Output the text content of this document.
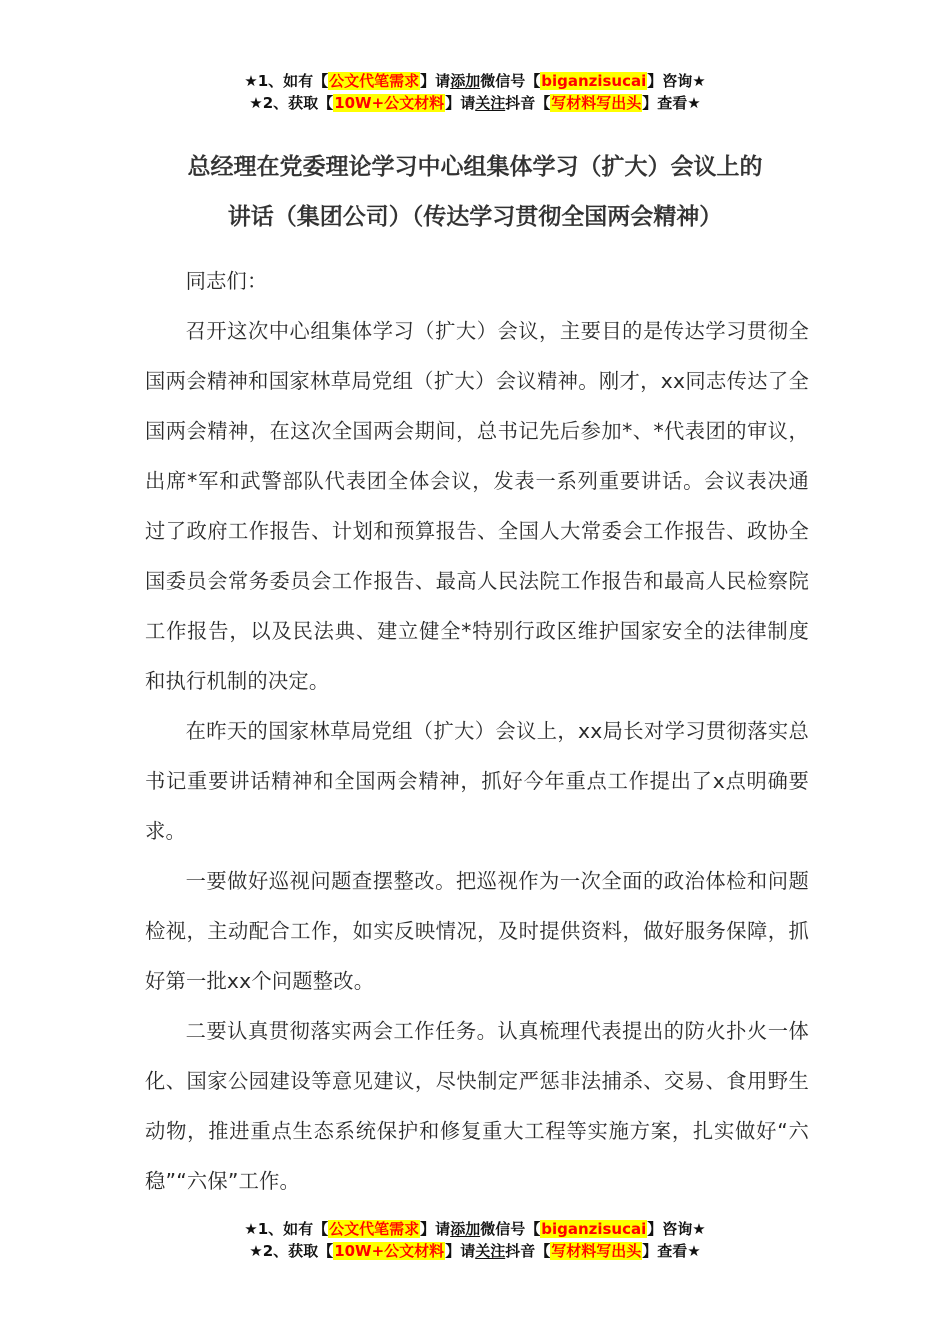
★1、如有【公文代笔需求】请添加微信号【biganzisucai】咨询★
★2、获取【10W+公文材料】请关注抖音【写材料写出头】查看★
总经理在党委理论学习中心组集体学习（扩大）会议上的
讲话（集团公司）（传达学习贯彻全国两会精神）

同志们：

召开这次中心组集体学习（扩大）会议，主要目的是传达学习贯彻全国两会精神和国家林草局党组（扩大）会议精神。刚才，xx同志传达了全国两会精神，在这次全国两会期间，总书记先后参加*、*代表团的审议，出席*军和武警部队代表团全体会议，发表一系列重要讲话。会议表决通过了政府工作报告、计划和预算报告、全国人大常委会工作报告、政协全国委员会常务委员会工作报告、最高人民法院工作报告和最高人民检察院工作报告，以及民法典、建立健全*特别行政区维护国家安全的法律制度和执行机制的决定。

在昨天的国家林草局党组（扩大）会议上，xx局长对学习贯彻落实总书记重要讲话精神和全国两会精神，抓好今年重点工作提出了x点明确要求。

一要做好巡视问题查摆整改。把巡视作为一次全面的政治体检和问题检视，主动配合工作，如实反映情况，及时提供资料，做好服务保障，抓好第一批xx个问题整改。

二要认真贯彻落实两会工作任务。认真梳理代表提出的防火扑火一体化、国家公园建设等意见建议，尽快制定严惩非法捕杀、交易、食用野生动物，推进重点生态系统保护和修复重大工程等实施方案，扎实做好“六稳”“六保”工作。

★1、如有【公文代笔需求】请添加微信号【biganzisucai】咨询★
★2、获取【10W+公文材料】请关注抖音【写材料写出头】查看★
